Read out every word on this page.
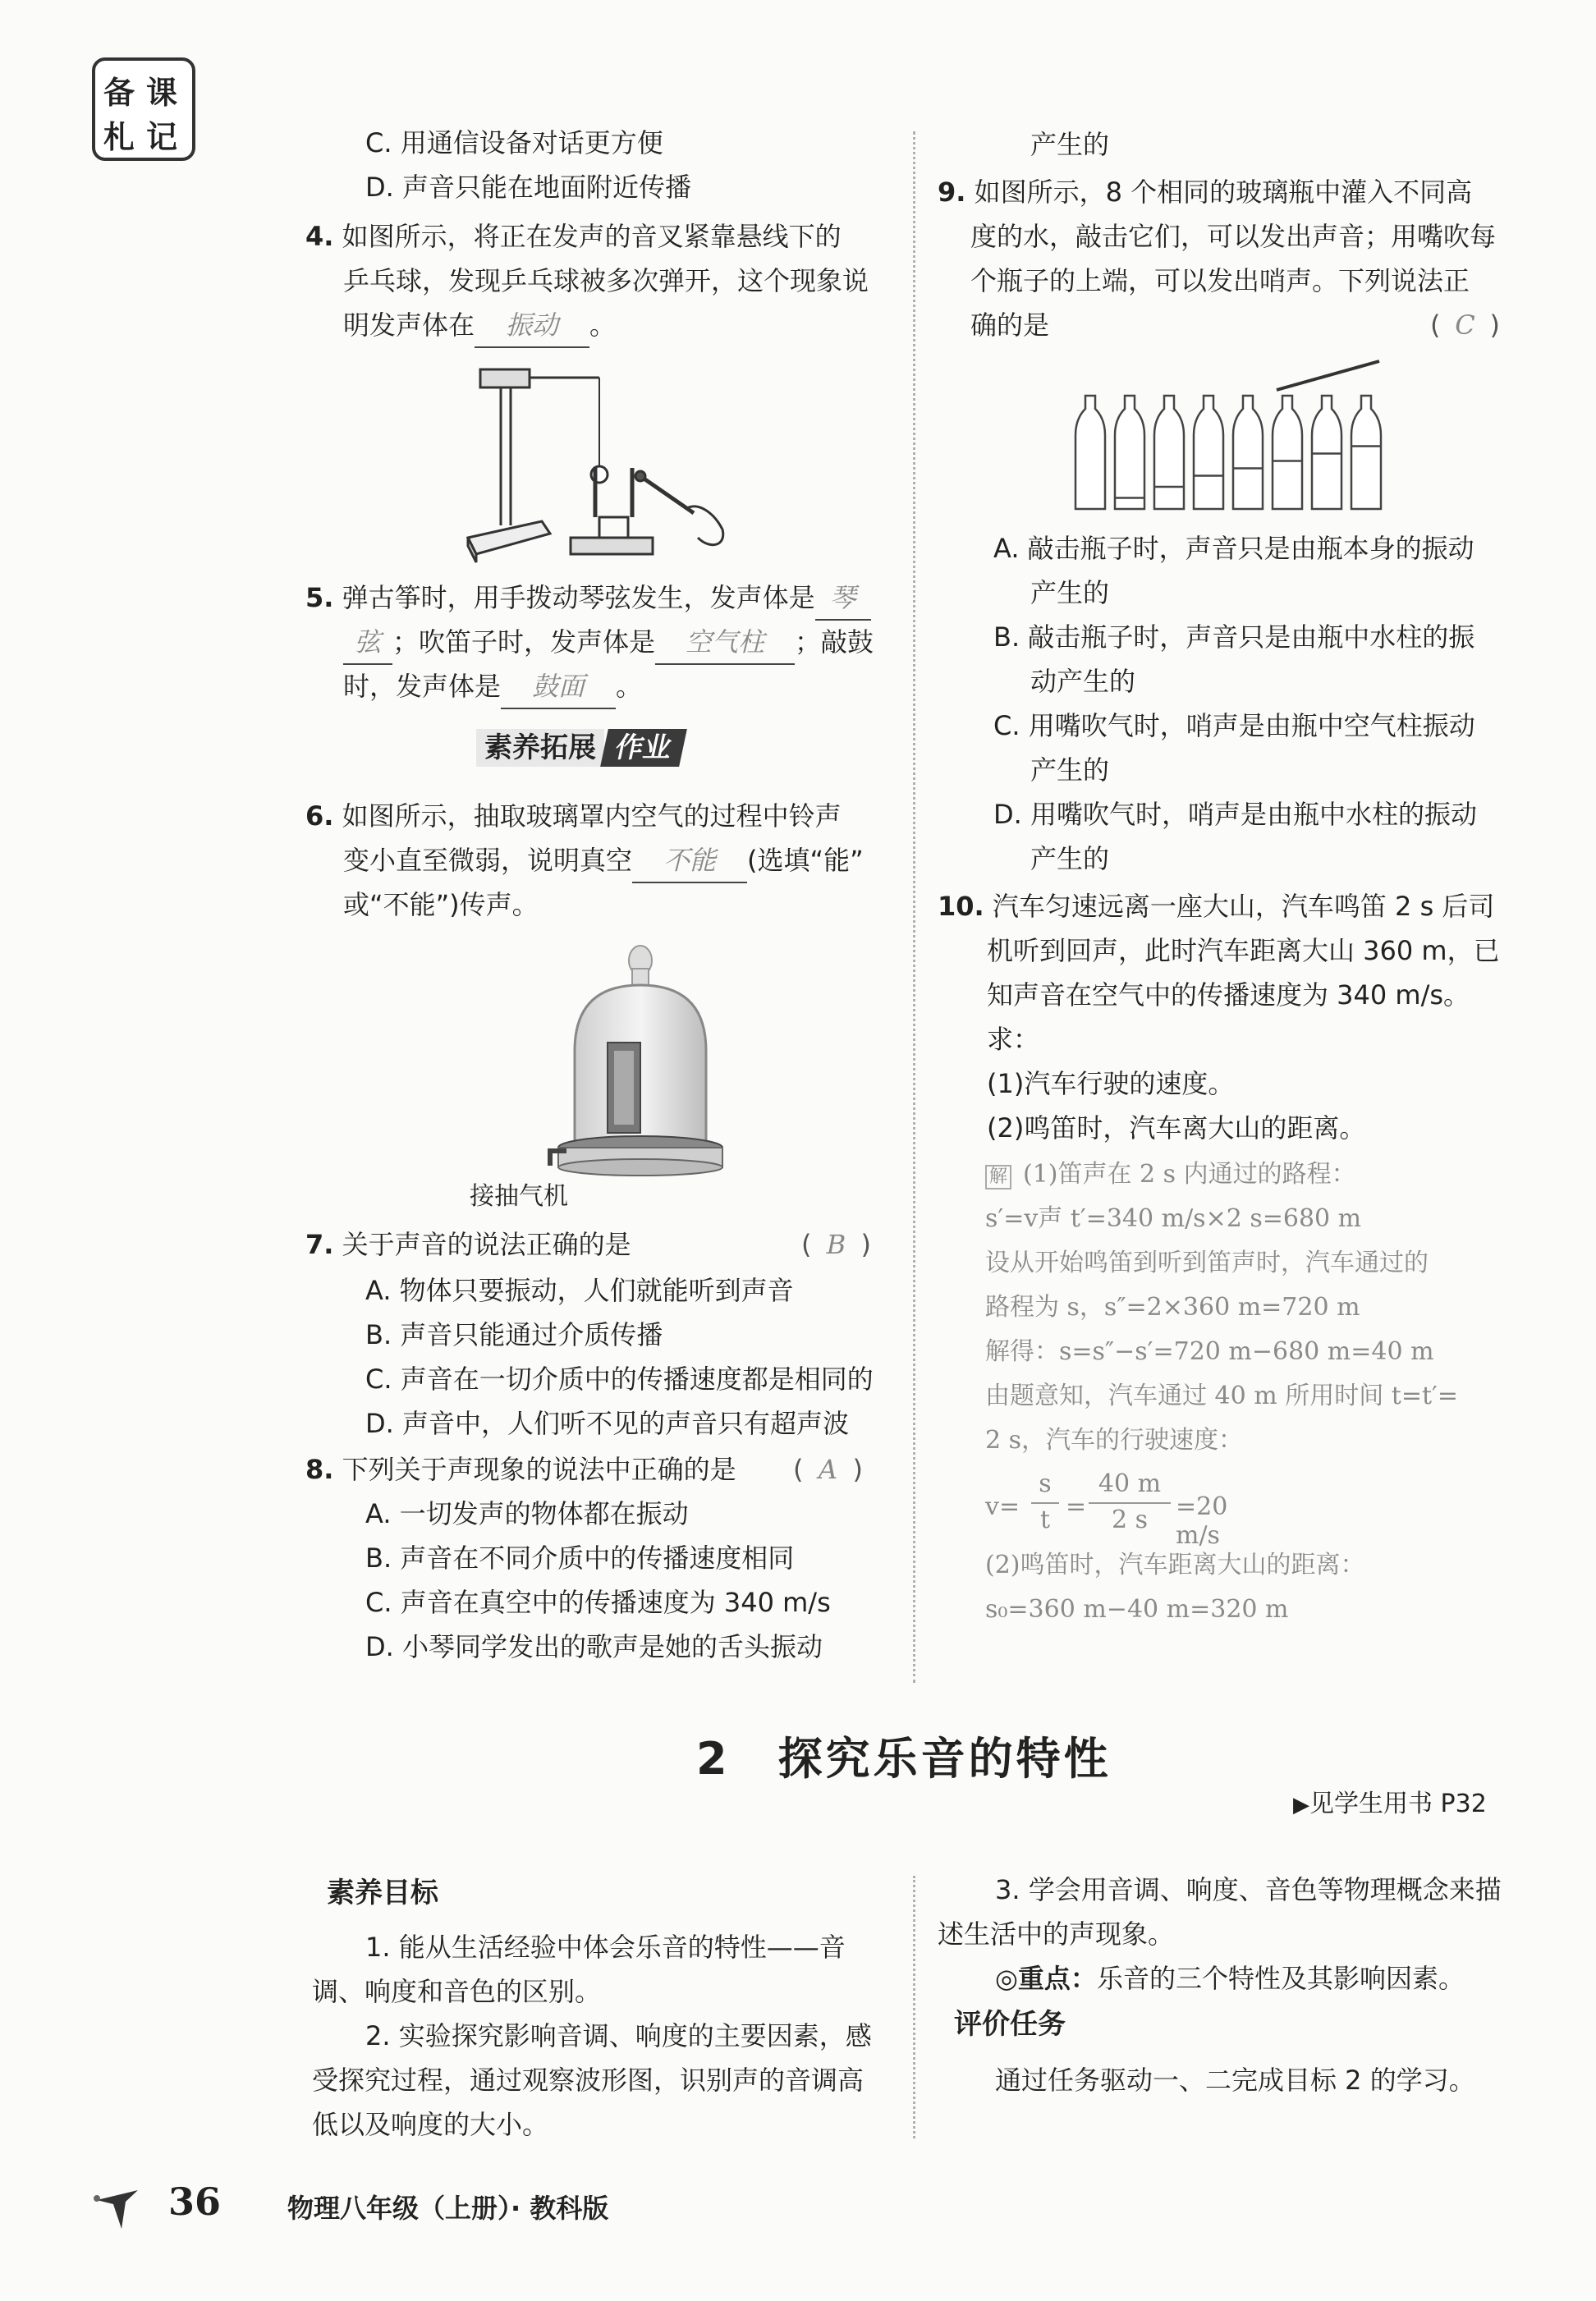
备 课
札 记	C. 用通信设备对话更方便
D. 声音只能在地面附近传播
4. 如图所示，将正在发声的音叉紧靠悬线下的
乒乓球，发现乒乓球被多次弹开，这个现象说
明发声体在 振动 。
5. 弹古筝时，用手拨动琴弦发生，发声体是 琴
弦 ；吹笛子时，发声体是 空气柱 ；敲鼓
时，发声体是 鼓面 。
素养拓展 作业
6. 如图所示，抽取玻璃罩内空气的过程中铃声
变小直至微弱，说明真空 不能 (选填“能”
或“不能”)传声。
接抽气机
7. 关于声音的说法正确的是	( B )
A. 物体只要振动，人们就能听到声音
B. 声音只能通过介质传播
C. 声音在一切介质中的传播速度都是相同的
D. 声音中，人们听不见的声音只有超声波
8. 下列关于声现象的说法中正确的是 ( A )
A. 一切发声的物体都在振动
B. 声音在不同介质中的传播速度相同
C. 声音在真空中的传播速度为 340 m/s
D. 小琴同学发出的歌声是她的舌头振动
产生的
9. 如图所示，8 个相同的玻璃瓶中灌入不同高
度的水，敲击它们，可以发出声音；用嘴吹每
个瓶子的上端，可以发出哨声。下列说法正
确的是	( C )
A. 敲击瓶子时，声音只是由瓶本身的振动
产生的
B. 敲击瓶子时，声音只是由瓶中水柱的振
动产生的
C. 用嘴吹气时，哨声是由瓶中空气柱振动
产生的
D. 用嘴吹气时，哨声是由瓶中水柱的振动
产生的
10. 汽车匀速远离一座大山，汽车鸣笛 2 s 后司
机听到回声，此时汽车距离大山 360 m，已
知声音在空气中的传播速度为 340 m/s。
求：
(1)汽车行驶的速度。
(2)鸣笛时，汽车离大山的距离。
解 (1)笛声在 2 s 内通过的路程：
s′=v声 t′=340 m/s×2 s=680 m
设从开始鸣笛到听到笛声时，汽车通过的
路程为 s，s″=2×360 m=720 m
解得：s=s″−s′=720 m−680 m=40 m
由题意知，汽车通过 40 m 所用时间 t=t′=
2 s，汽车的行驶速度：
v=
s
t =
40 m
2 s	=20 m/s
(2)鸣笛时，汽车距离大山的距离：
s₀=360 m−40 m=320 m
2　探究乐音的特性
▶见学生用书 P32
素养目标
1. 能从生活经验中体会乐音的特性——音
调、响度和音色的区别。
2. 实验探究影响音调、响度的主要因素，感
受探究过程，通过观察波形图，识别声的音调高
低以及响度的大小。
3. 学会用音调、响度、音色等物理概念来描
述生活中的声现象。
◎重点：乐音的三个特性及其影响因素。
评价任务
通过任务驱动一、二完成目标 2 的学习。
36	物理八年级（上册）· 教科版
